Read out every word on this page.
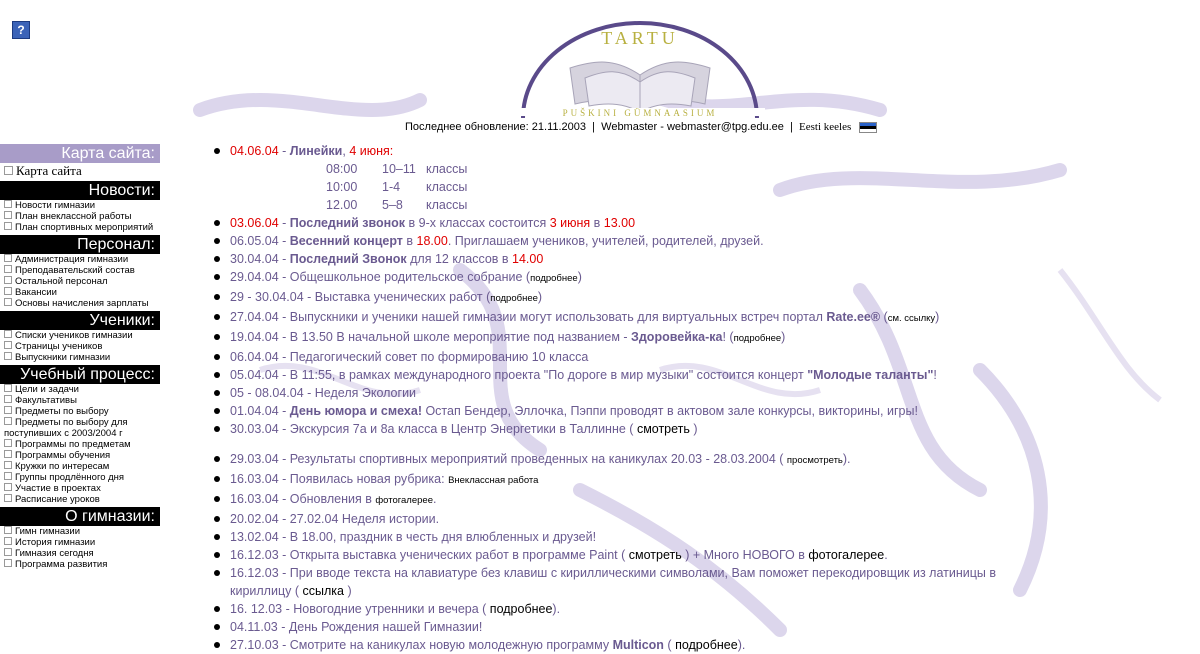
?	TARTU
PUŠKINI GÜMNAASIUM
Последнее обновление: 21.11.2003 | Webmaster - webmaster@tpg.edu.ee | Eesti keeles
Карта сайта:
Карта сайта
Новости:
Новости гимназии
План внеклассной работы
План спортивных мероприятий
Персонал:
Администрация гимназии
Преподавательский состав
Остальной персонал
Вакансии
Основы начисления зарплаты
Ученики:
Списки учеников гимназии
Страницы учеников
Выпускники гимназии
Учебный процесс:
Цели и задачи
Факультативы
Предметы по выбору
Предметы по выбору для поступивших с 2003/2004 г
Программы по предметам
Программы обучения
Кружки по интересам
Группы продлённого дня
Участие в проектах
Расписание уроков
О гимназии:
Гимн гимназии
История гимназии
Гимназия сегодня
Программа развития
04.06.04 - Линейки, 4 июня:
08:00 10–11 классы
10:00 1-4 классы
12.00 5–8 классы
03.06.04 - Последний звонок в 9-х классах состоится 3 июня в 13.00
06.05.04 - Весенний концерт в 18.00. Приглашаем учеников, учителей, родителей, друзей.
30.04.04 - Последний Звонок для 12 классов в 14.00
29.04.04 - Общешкольное родительское собрание (подробнее)
29 - 30.04.04 - Выставка ученических работ (подробнее)
27.04.04 - Выпускники и ученики нашей гимназии могут использовать для виртуальных встреч портал Rate.ee® (см. ссылку)
19.04.04 - В 13.50 В начальной школе мероприятие под названием - Здоровейка-ка! (подробнее)
06.04.04 - Педагогический совет по формированию 10 класса
05.04.04 - В 11:55, в рамках международного проекта "По дороге в мир музыки" состоится концерт "Молодые таланты"!
05 - 08.04.04 - Неделя Экологии
01.04.04 - День юмора и смеха! Остап Бендер, Эллочка, Пэппи проводят в актовом зале конкурсы, викторины, игры!
30.03.04 - Экскурсия 7а и 8а класса в Центр Энергетики в Таллинне ( смотреть )
29.03.04 - Результаты спортивных мероприятий проведенных на каникулах 20.03 - 28.03.2004 ( просмотреть).
16.03.04 - Появилась новая рубрика: Внеклассная работа
16.03.04 - Обновления в фотогалерее.
20.02.04 - 27.02.04 Неделя истории.
13.02.04 - В 18.00, праздник в честь дня влюбленных и друзей!
16.12.03 - Открыта выставка ученических работ в программе Paint ( смотреть ) + Много НОВОГО в фотогалерее.
16.12.03 - При вводе текста на клавиатуре без клавиш с кириллическими символами, Вам поможет перекодировщик из латиницы в кириллицу ( ссылка )
16. 12.03 - Новогодние утренники и вечера ( подробнее).
04.11.03 - День Рождения нашей Гимназии!
27.10.03 - Смотрите на каникулах новую молодежную программу Multicon ( подробнее).
